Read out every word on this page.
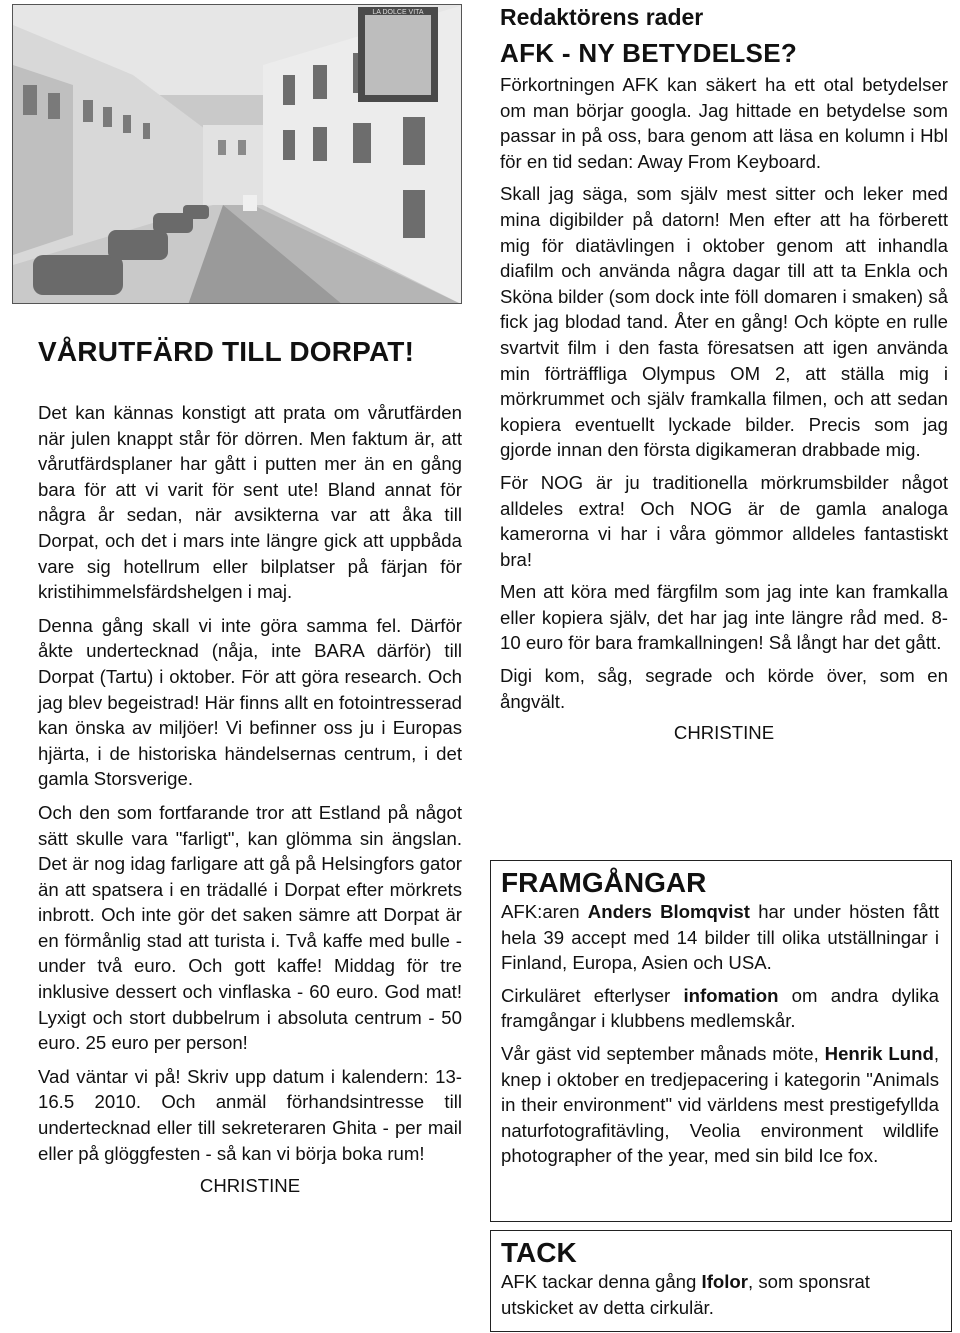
LA DOLCE VITA
VÅRUTFÄRD TILL DORPAT!

Det kan kännas konstigt att prata om vårutfärden när julen knappt står för dörren. Men faktum är, att vårutfärdsplaner har gått i putten mer än en gång bara för att vi varit för sent ute! Bland annat för några år sedan, när avsikterna var att åka till Dorpat, och det i mars inte längre gick att uppbåda vare sig hotellrum eller bilplatser på färjan för kristihimmelsfärdshelgen i maj.

Denna gång skall vi inte göra samma fel. Därför åkte undertecknad (nåja, inte BARA därför) till Dorpat (Tartu) i oktober. För att göra research. Och jag blev begeistrad! Här finns allt en fotointresserad kan önska av miljöer! Vi befinner oss ju i Europas hjärta, i de historiska händelsernas centrum, i det gamla Storsverige.

Och den som fortfarande tror att Estland på något sätt skulle vara "farligt", kan glömma sin ängslan. Det är nog idag farligare att gå på Helsingfors gator än att spatsera i en trädallé i Dorpat efter mörkrets inbrott. Och inte gör det saken sämre att Dorpat är en förmånlig stad att turista i. Två kaffe med bulle - under två euro. Och gott kaffe! Middag för tre inklusive dessert och vinflaska - 60 euro. God mat! Lyxigt och stort dubbelrum i absoluta centrum - 50 euro. 25 euro per person!

Vad väntar vi på! Skriv upp datum i kalendern: 13-16.5 2010. Och anmäl förhandsintresse till undertecknad eller till sekreteraren Ghita - per mail eller på glöggfesten - så kan vi börja boka rum!

CHRISTINE
Redaktörens rader
AFK - NY BETYDELSE?

Förkortningen AFK kan säkert ha ett otal betydelser om man börjar googla. Jag hittade en betydelse som passar in på oss, bara genom att läsa en kolumn i Hbl för en tid sedan: Away From Keyboard.

Skall jag säga, som själv mest sitter och leker med mina digibilder på datorn! Men efter att ha förberett mig för diatävlingen i oktober genom att inhandla diafilm och använda några dagar till att ta Enkla och Sköna bilder (som dock inte föll domaren i smaken) så fick jag blodad tand. Åter en gång! Och köpte en rulle svartvit film i den fasta föresatsen att igen använda min förträffliga Olympus OM 2, att ställa mig i mörkrummet och själv framkalla filmen, och att sedan kopiera eventuellt lyckade bilder. Precis som jag gjorde innan den första digikameran drabbade mig.

För NOG är ju traditionella mörkrumsbilder något alldeles extra! Och NOG är de gamla analoga kamerorna vi har i våra gömmor alldeles fantastiskt bra!

Men att köra med färgfilm som jag inte kan framkalla eller kopiera själv, det har jag inte längre råd med. 8-10 euro för bara framkallningen! Så långt har det gått.

Digi kom, såg, segrade och körde över, som en ångvält.

CHRISTINE
FRAMGÅNGAR

AFK:aren Anders Blomqvist har under hösten fått hela 39 accept med 14 bilder till olika utställningar i Finland, Europa, Asien och USA.

Cirkuläret efterlyser infomation om andra dylika framgångar i klubbens medlemskår.

Vår gäst vid september månads möte, Henrik Lund, knep i oktober en tredjepacering i kategorin "Animals in their environment" vid världens mest prestigefyllda naturfotografitävling, Veolia environment wildlife photographer of the year, med sin bild Ice fox.

TACK

AFK tackar denna gång Ifolor, som sponsrat utskicket av detta cirkulär.
